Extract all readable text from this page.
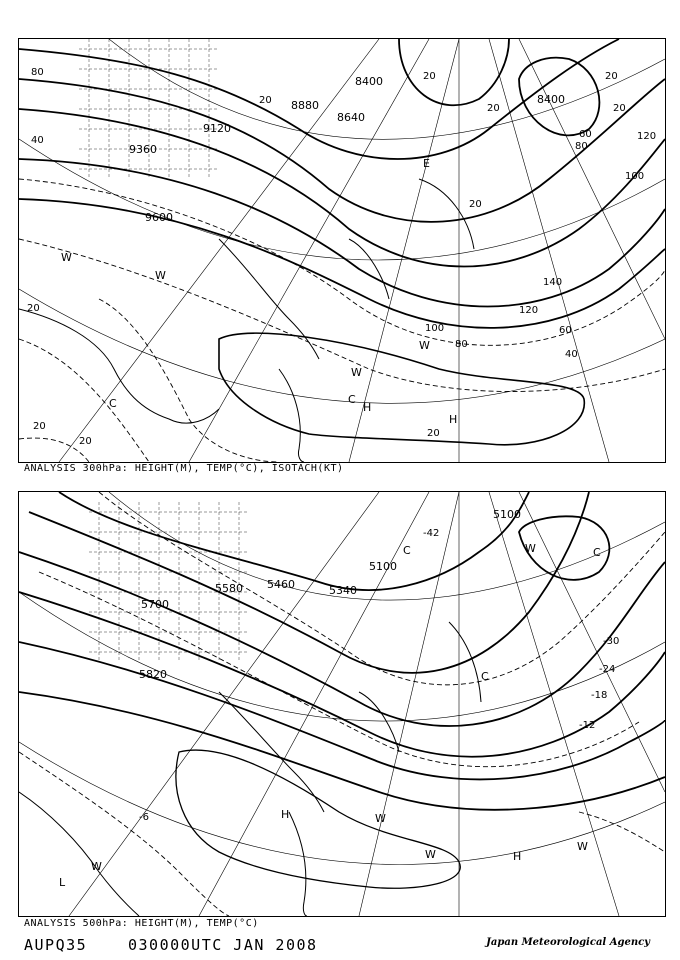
8400
8400
8880
8640
9120
9360
9600
80
40
20
20
20
20
20	20
60	120
80
100
140
120
100
80
60
40
20
20
20
20
E
W
W
W
C	C
H
H
W
ANALYSIS 300hPa: HEIGHT(M), TEMP(°C), ISOTACH(KT)
5100
5100
5340
5460
5580
5700
5820
-42
-30
-24
-18
-12
-6
C	C
W
C
H	W
W	H
W
W
L
ANALYSIS 500hPa: HEIGHT(M), TEMP(°C)
AUPQ35	030000UTC JAN 2008	Japan Meteorological Agency
